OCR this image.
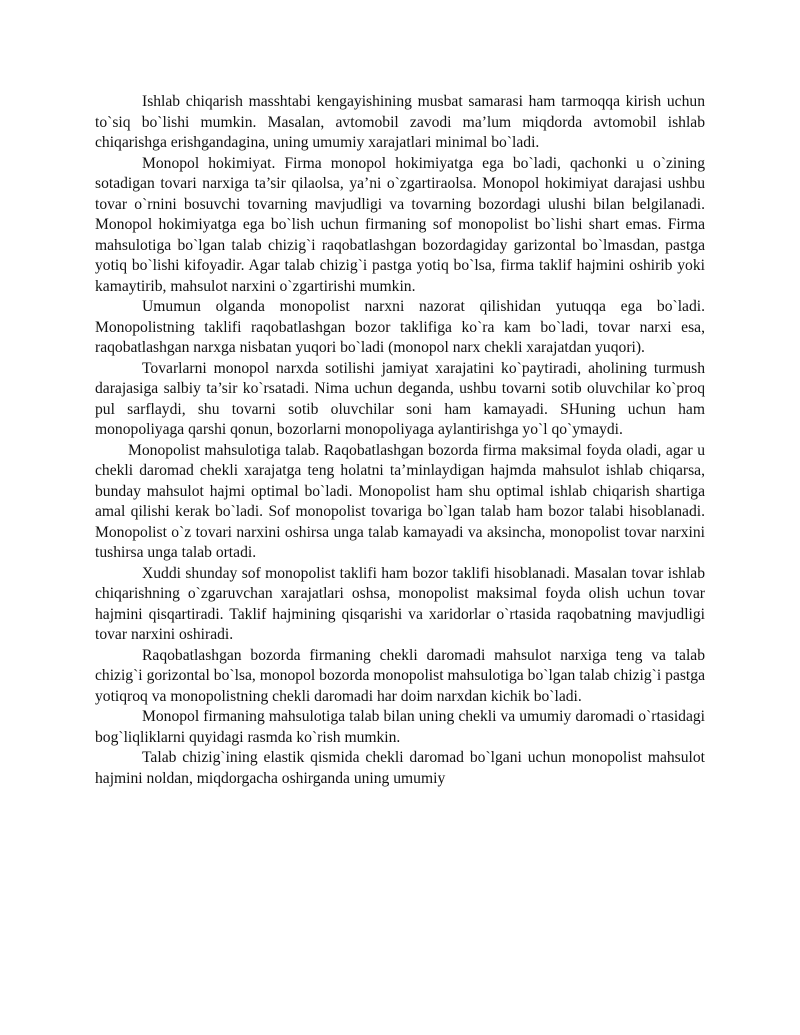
Ishlab chiqarish masshtabi kengayishining musbat samarasi ham tarmoqqa kirish uchun to`siq bo`lishi mumkin. Masalan, avtomobil zavodi ma’lum miqdorda avtomobil ishlab chiqarishga erishgandagina, uning umumiy xarajatlari minimal bo`ladi.

Monopol hokimiyat. Firma monopol hokimiyatga ega bo`ladi, qachonki u o`zining sotadigan tovari narxiga ta’sir qilaolsa, ya’ni o`zgartiraolsa. Monopol hokimiyat darajasi ushbu tovar o`rnini bosuvchi tovarning mavjudligi va tovarning bozordagi ulushi bilan belgilanadi. Monopol hokimiyatga ega bo`lish uchun firmaning sof monopolist bo`lishi shart emas. Firma mahsulotiga bo`lgan talab chizig`i raqobatlashgan bozordagiday garizontal bo`lmasdan, pastga yotiq bo`lishi kifoyadir. Agar talab chizig`i pastga yotiq bo`lsa, firma taklif hajmini oshirib yoki kamaytirib, mahsulot narxini o`zgartirishi mumkin.

Umumun olganda monopolist narxni nazorat qilishidan yutuqqa ega bo`ladi. Monopolistning taklifi raqobatlashgan bozor taklifiga ko`ra kam bo`ladi, tovar narxi esa, raqobatlashgan narxga nisbatan yuqori bo`ladi (monopol narx chekli xarajatdan yuqori).

Tovarlarni monopol narxda sotilishi jamiyat xarajatini ko`paytiradi, aholining turmush darajasiga salbiy ta’sir ko`rsatadi. Nima uchun deganda, ushbu tovarni sotib oluvchilar ko`proq pul sarflaydi, shu tovarni sotib oluvchilar soni ham kamayadi. SHuning uchun ham monopoliyaga qarshi qonun, bozorlarni monopoliyaga aylantirishga yo`l qo`ymaydi.

Monopolist mahsulotiga talab. Raqobatlashgan bozorda firma maksimal foyda oladi, agar u chekli daromad chekli xarajatga teng holatni ta’minlaydigan hajmda mahsulot ishlab chiqarsa, bunday mahsulot hajmi optimal bo`ladi. Monopolist ham shu optimal ishlab chiqarish shartiga amal qilishi kerak bo`ladi. Sof monopolist tovariga bo`lgan talab ham bozor talabi hisoblanadi. Monopolist o`z tovari narxini oshirsa unga talab kamayadi va aksincha, monopolist tovar narxini tushirsa unga talab ortadi.

Xuddi shunday sof monopolist taklifi ham bozor taklifi hisoblanadi. Masalan tovar ishlab chiqarishning o`zgaruvchan xarajatlari oshsa, monopolist maksimal foyda olish uchun tovar hajmini qisqartiradi. Taklif hajmining qisqarishi va xaridorlar o`rtasida raqobatning mavjudligi tovar narxini oshiradi.

Raqobatlashgan bozorda firmaning chekli daromadi mahsulot narxiga teng va talab chizig`i gorizontal bo`lsa, monopol bozorda monopolist mahsulotiga bo`lgan talab chizig`i pastga yotiqroq va monopolistning chekli daromadi har doim narxdan kichik bo`ladi.

Monopol firmaning mahsulotiga talab bilan uning chekli va umumiy daromadi o`rtasidagi bog`liqliklarni quyidagi rasmda ko`rish mumkin.

Talab chizig`ining elastik qismida chekli daromad bo`lgani uchun monopolist mahsulot hajmini noldan, miqdorgacha oshirganda uning umumiy
